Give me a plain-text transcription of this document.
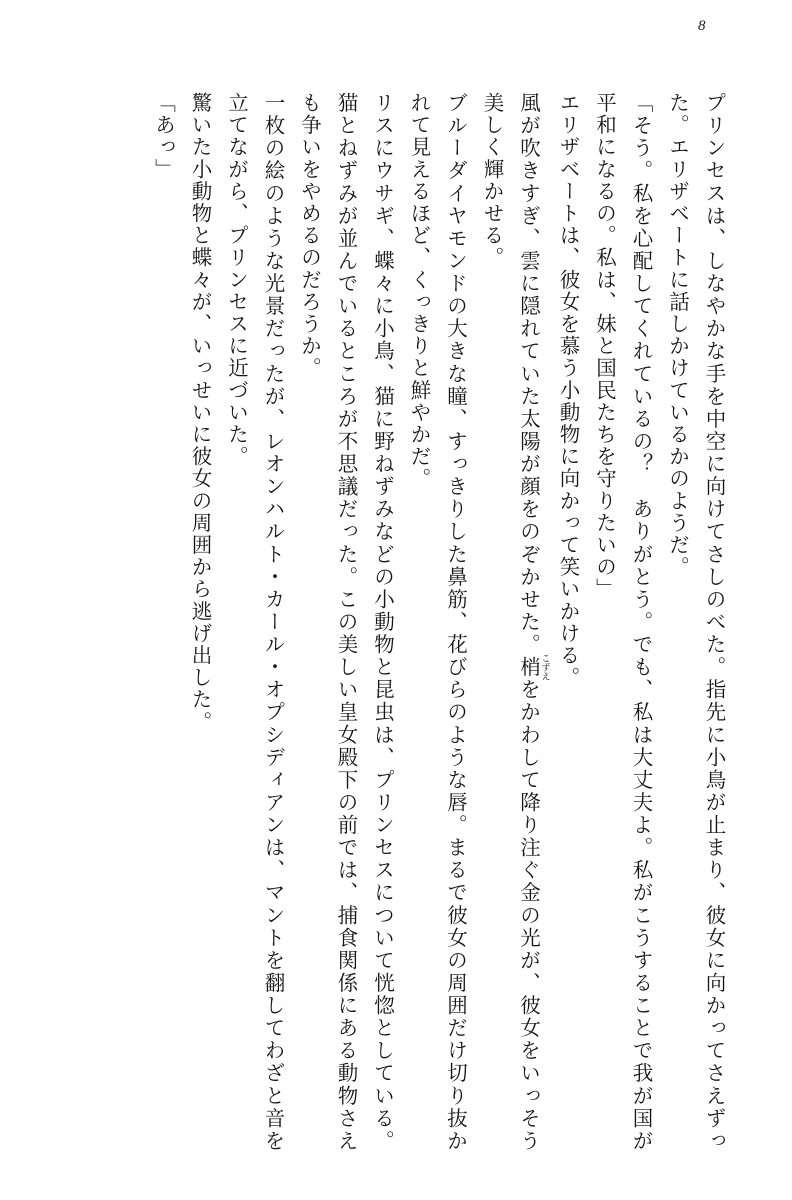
8

プリンセスは、しなやかな手を中空に向けてさしのべた。指先に小鳥が止まり、彼女に向かってさえずった。エリザベートに話しかけているかのようだ。

「そう。私を心配してくれているの？　ありがとう。でも、私は大丈夫よ。私がこうすることで我が国が平和になるの。私は、妹と国民たちを守りたいの」

エリザベートは、彼女を慕う小動物に向かって笑いかける。

風が吹きすぎ、雲に隠れていた太陽が顔をのぞかせた。梢 こずえをかわして降り注ぐ金の光が、彼女をいっそう美しく輝かせる。

ブルーダイヤモンドの大きな瞳、すっきりした鼻筋、花びらのような唇。まるで彼女の周囲だけ切り抜かれて見えるほど、くっきりと鮮やかだ。

リスにウサギ、蝶々に小鳥、猫に野ねずみなどの小動物と昆虫は、プリンセスについて恍惚としている。猫とねずみが並んでいるところが不思議だった。この美しい皇女殿下の前では、捕食関係にある動物さえも争いをやめるのだろうか。

一枚の絵のような光景だったが、レオンハルト・カール・オプシディアンは、マントを翻してわざと音を立てながら、プリンセスに近づいた。

驚いた小動物と蝶々が、いっせいに彼女の周囲から逃げ出した。

「あっ」
